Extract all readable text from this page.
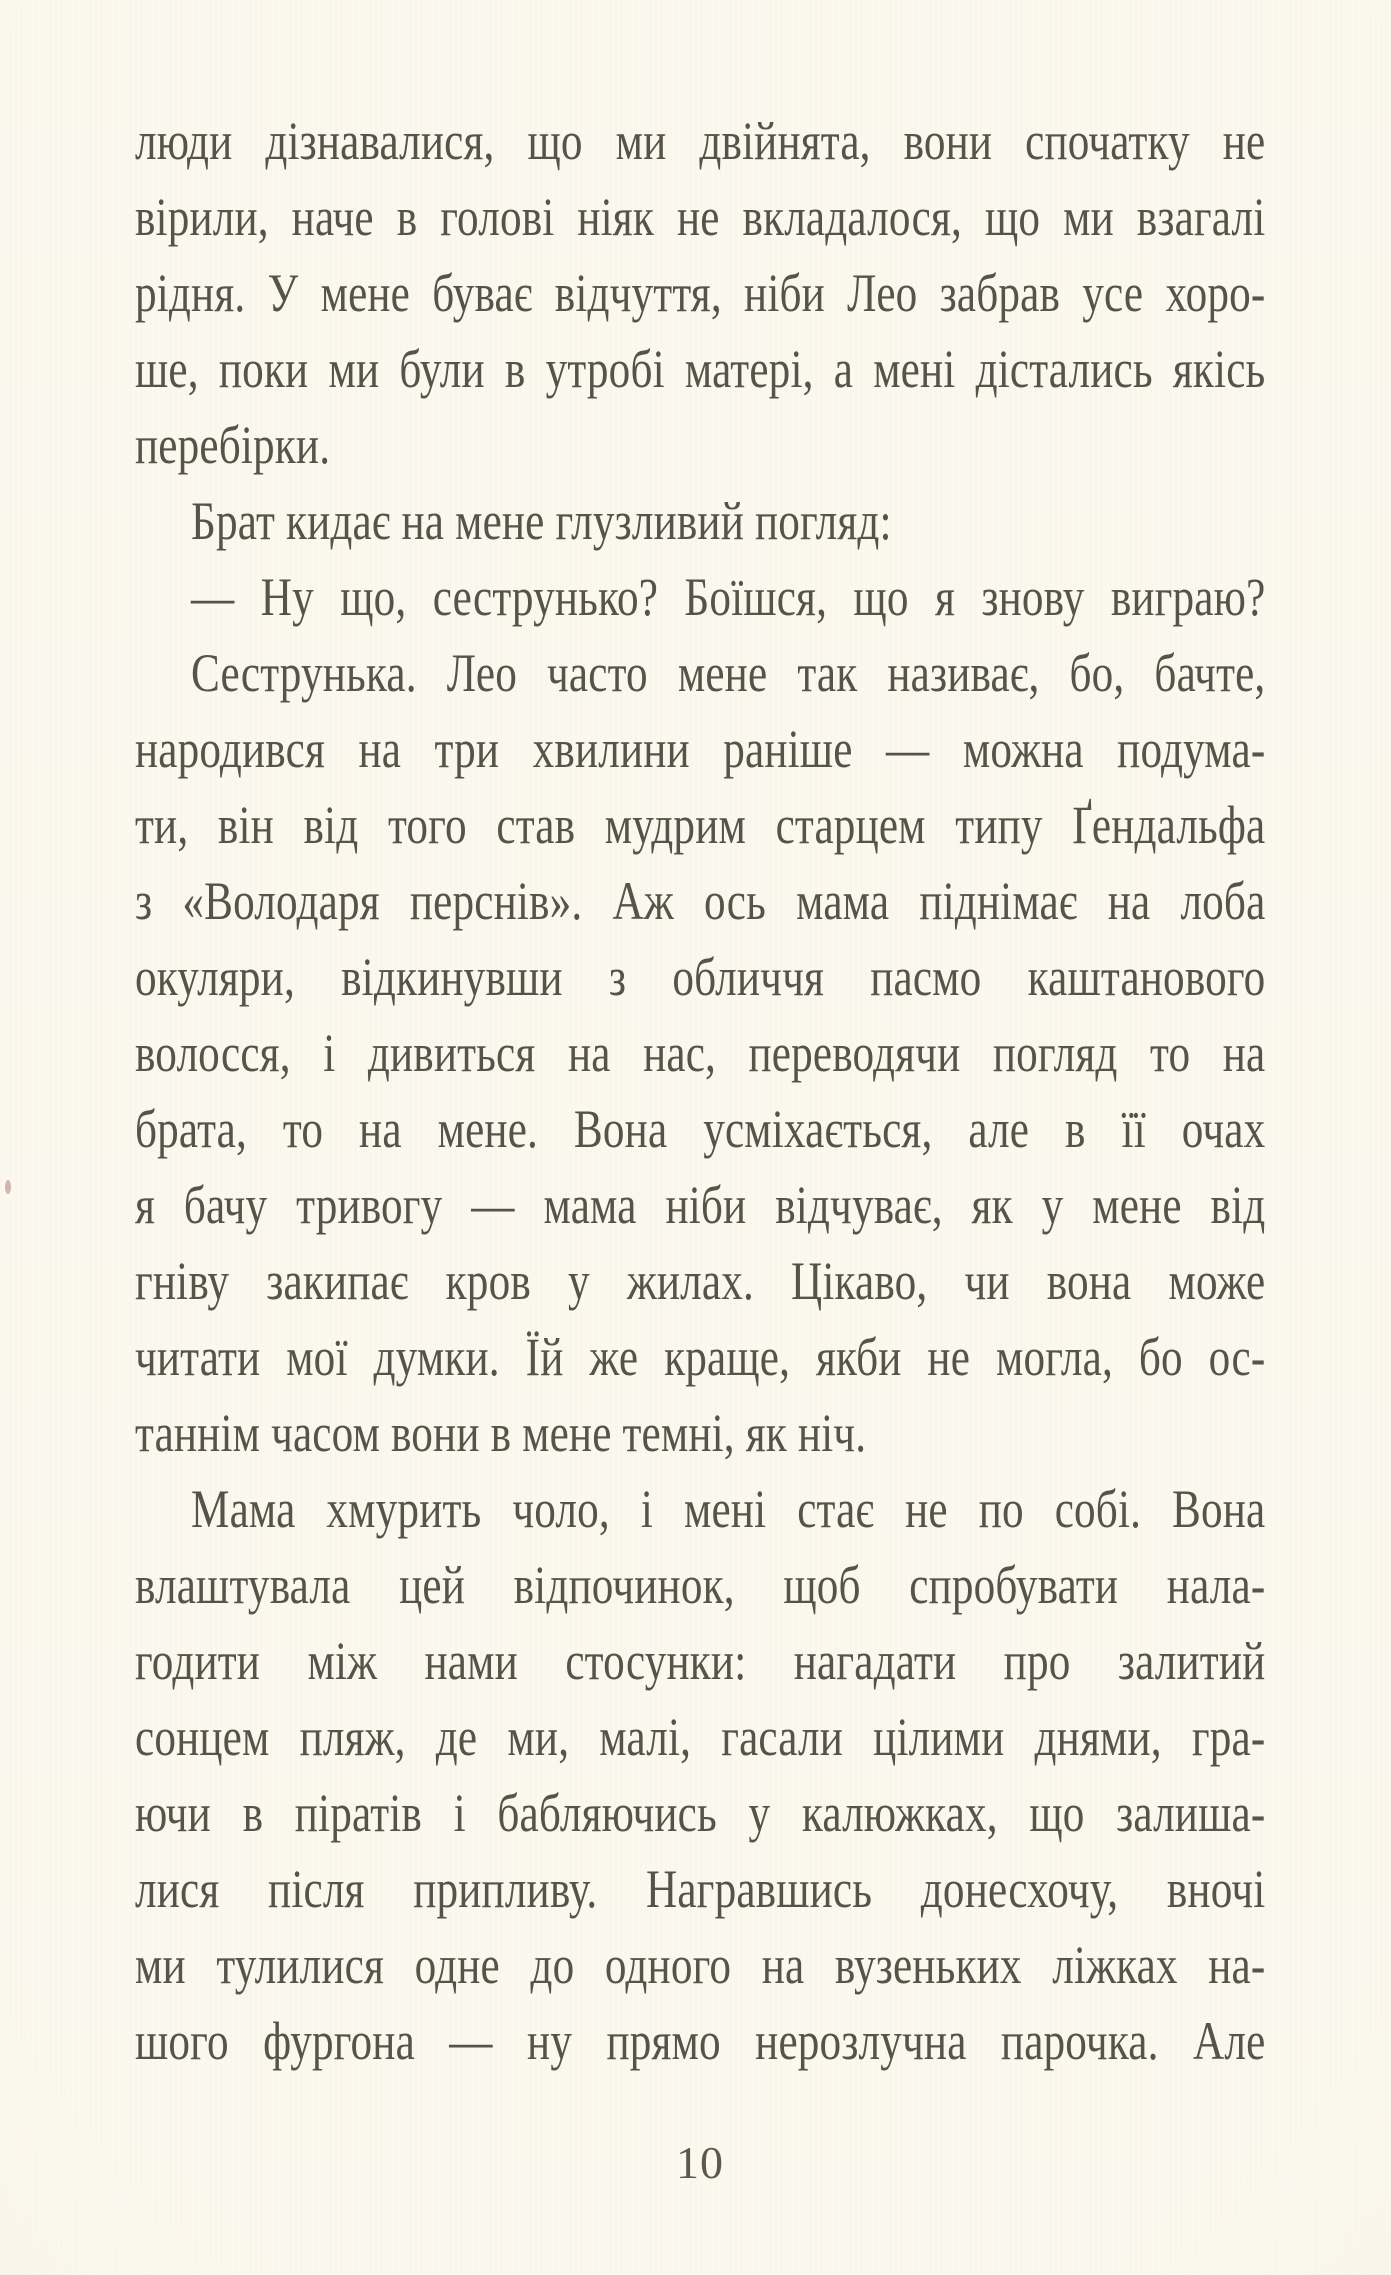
люди дізнавалися, що ми двійнята, вони спочатку не
вірили, наче в голові ніяк не вкладалося, що ми взагалі
рідня. У мене буває відчуття, ніби Лео забрав усе хоро-
ше, поки ми були в утробі матері, а мені дістались якісь
перебірки.
Брат кидає на мене глузливий погляд:
— Ну що, сеструнько? Боїшся, що я знову виграю?
Сеструнька. Лео часто мене так називає, бо, бачте,
народився на три хвилини раніше — можна подума-
ти, він від того став мудрим старцем типу Ґендальфа
з «Володаря перснів». Аж ось мама піднімає на лоба
окуляри, відкинувши з обличчя пасмо каштанового
волосся, і дивиться на нас, переводячи погляд то на
брата, то на мене. Вона усміхається, але в її очах
я бачу тривогу — мама ніби відчуває, як у мене від
гніву закипає кров у жилах. Цікаво, чи вона може
читати мої думки. Їй же краще, якби не могла, бо ос-
таннім часом вони в мене темні, як ніч.
Мама хмурить чоло, і мені стає не по собі. Вона
влаштувала цей відпочинок, щоб спробувати нала-
годити між нами стосунки: нагадати про залитий
сонцем пляж, де ми, малі, гасали цілими днями, гра-
ючи в піратів і бабляючись у калюжках, що залиша-
лися після припливу. Награвшись донесхочу, вночі
ми тулилися одне до одного на вузеньких ліжках на-
шого фургона — ну прямо нерозлучна парочка. Але
10
